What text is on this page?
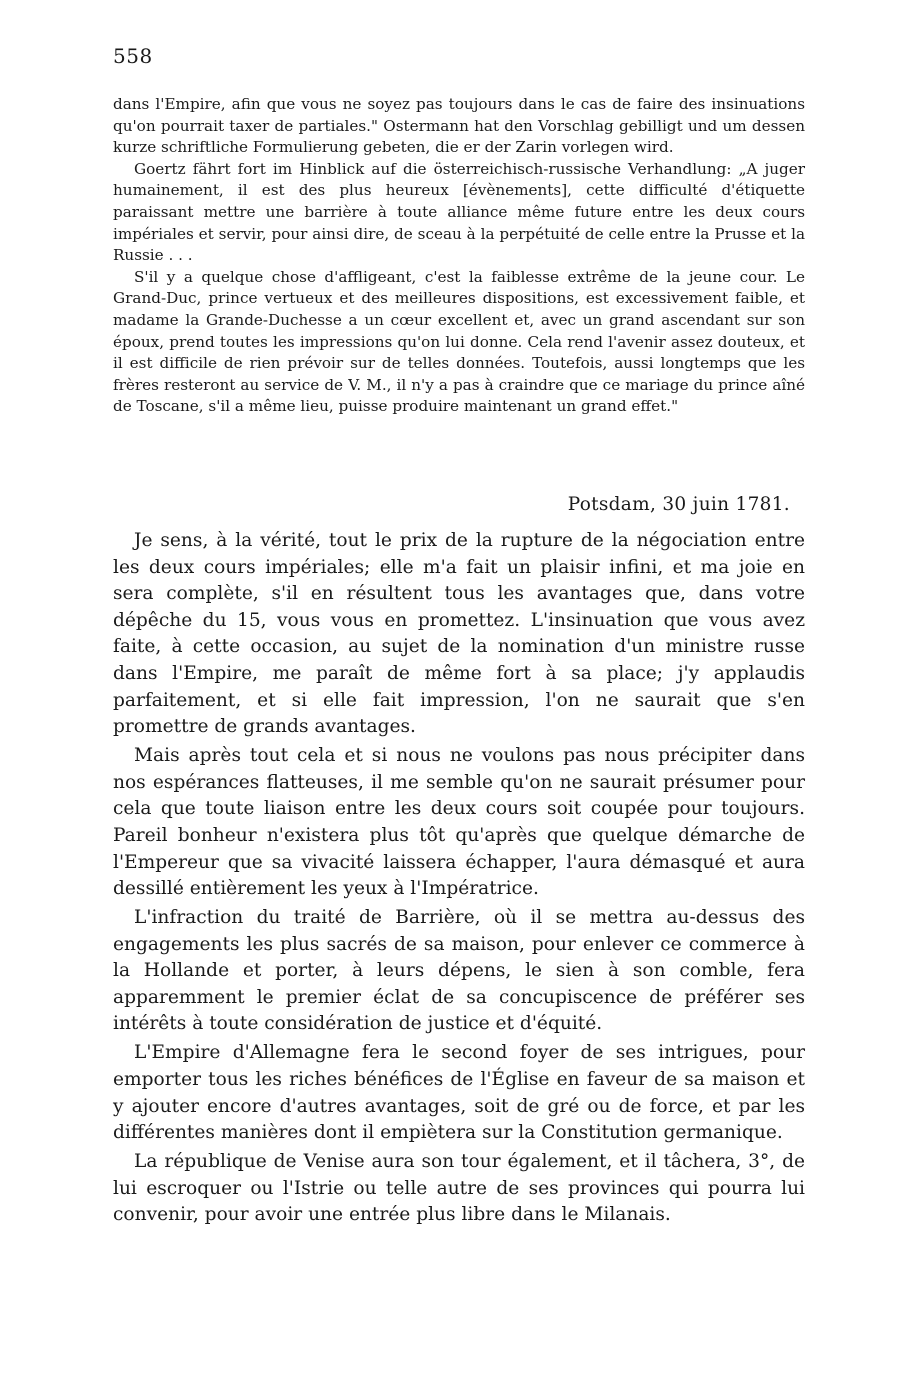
558

dans l'Empire, afin que vous ne soyez pas toujours dans le cas de faire des insinuations qu'on pourrait taxer de partiales." Ostermann hat den Vorschlag gebilligt und um dessen kurze schriftliche Formulierung gebeten, die er der Zarin vorlegen wird.

Goertz fährt fort im Hinblick auf die österreichisch-russische Verhandlung: „A juger humainement, il est des plus heureux [évènements], cette difficulté d'étiquette paraissant mettre une barrière à toute alliance même future entre les deux cours impériales et servir, pour ainsi dire, de sceau à la perpétuité de celle entre la Prusse et la Russie . . .

S'il y a quelque chose d'affligeant, c'est la faiblesse extrême de la jeune cour. Le Grand-Duc, prince vertueux et des meilleures dispositions, est excessivement faible, et madame la Grande-Duchesse a un cœur excellent et, avec un grand ascendant sur son époux, prend toutes les impressions qu'on lui donne. Cela rend l'avenir assez douteux, et il est difficile de rien prévoir sur de telles données. Toutefois, aussi longtemps que les frères resteront au service de V. M., il n'y a pas à craindre que ce mariage du prince aîné de Toscane, s'il a même lieu, puisse produire maintenant un grand effet."

Potsdam, 30 juin 1781.

Je sens, à la vérité, tout le prix de la rupture de la négociation entre les deux cours impériales; elle m'a fait un plaisir infini, et ma joie en sera complète, s'il en résultent tous les avantages que, dans votre dépêche du 15, vous vous en promettez. L'insinuation que vous avez faite, à cette occasion, au sujet de la nomination d'un ministre russe dans l'Empire, me paraît de même fort à sa place; j'y applaudis parfaitement, et si elle fait impression, l'on ne saurait que s'en promettre de grands avantages.

Mais après tout cela et si nous ne voulons pas nous précipiter dans nos espérances flatteuses, il me semble qu'on ne saurait présumer pour cela que toute liaison entre les deux cours soit coupée pour toujours. Pareil bonheur n'existera plus tôt qu'après que quelque démarche de l'Empereur que sa vivacité laissera échapper, l'aura démasqué et aura dessillé entièrement les yeux à l'Impératrice.

L'infraction du traité de Barrière, où il se mettra au-dessus des engagements les plus sacrés de sa maison, pour enlever ce commerce à la Hollande et porter, à leurs dépens, le sien à son comble, fera apparemment le premier éclat de sa concupiscence de préférer ses intérêts à toute considération de justice et d'équité.

L'Empire d'Allemagne fera le second foyer de ses intrigues, pour emporter tous les riches bénéfices de l'Église en faveur de sa maison et y ajouter encore d'autres avantages, soit de gré ou de force, et par les différentes manières dont il empiètera sur la Constitution germanique.

La république de Venise aura son tour également, et il tâchera, 3°, de lui escroquer ou l'Istrie ou telle autre de ses provinces qui pourra lui convenir, pour avoir une entrée plus libre dans le Milanais.
